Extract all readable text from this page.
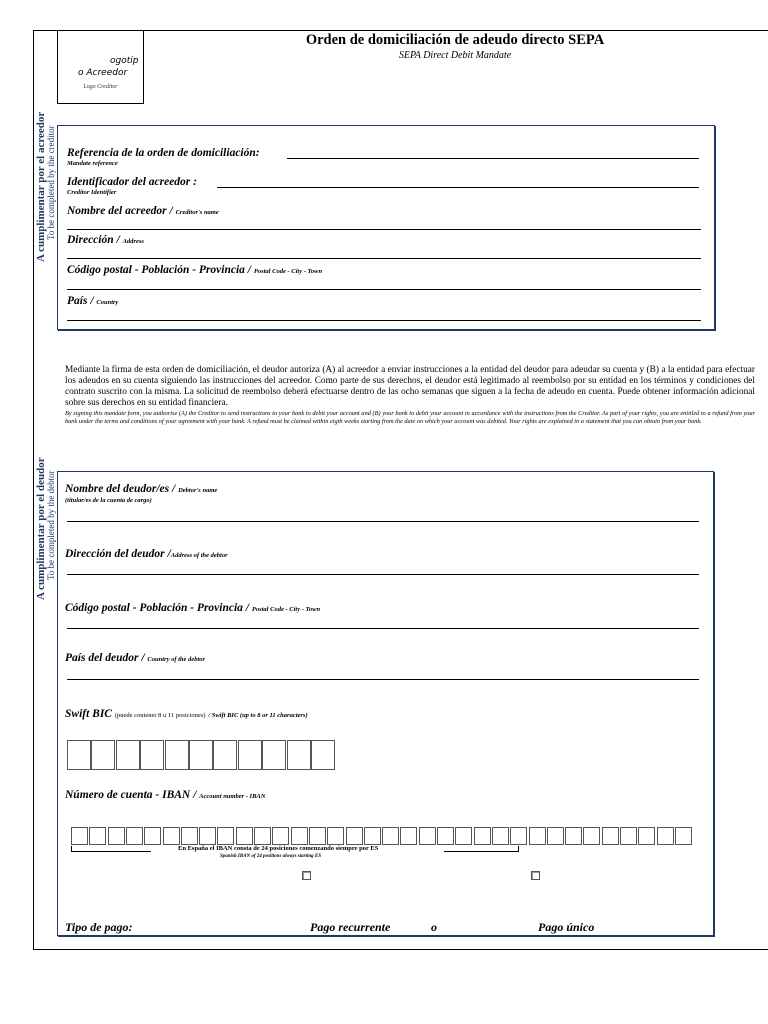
ogotip
o Acreedor
Logo Creditor
Orden de domiciliación de adeudo directo SEPA
SEPA Direct Debit Mandate
A cumplimentar por el acreedor To be completed by the creditor Referencia de la orden de domiciliación:
Mandate reference
Identificador del acreedor :
Creditor Identifier
Nombre del acreedor / Creditor's name
Dirección / Address
Código postal - Población - Provincia / Postal Code - City - Town
País / Country
Mediante la firma de esta orden de domiciliación, el deudor autoriza (A) al acreedor a enviar instrucciones a la entidad del deudor para adeudar su cuenta y (B) a la entidad para efectuar los adeudos en su cuenta siguiendo las instrucciones del acreedor. Como parte de sus derechos, el deudor está legitimado al reembolso por su entidad en los términos y condiciones del contrato suscrito con la misma. La solicitud de reembolso deberá efectuarse dentro de las ocho semanas que siguen a la fecha de adeudo en cuenta. Puede obtener información adicional sobre sus derechos en su entidad financiera.
By signing this mandate form, you authorise (A) the Creditor to send instructions to your bank to debit your account and (B) your bank to debit your account in accordance with the instructions from the Creditor. As part of your rights, you are entitled to a refund from your bank under the terms and conditions of your agreement with your bank. A refund must be claimed within eigth weeks starting from the date on which your account was debited. Your rights are explained in a statement that you can obtain from your bank.
A cumplimentar por el deudor To be completed by the debtor Nombre del deudor/es / Debtor's name
(titular/es de la cuenta de cargo)
Dirección del deudor /Address of the debtor
Código postal - Población - Provincia / Postal Code - City - Town
País del deudor / Country of the debtor
Swift BIC (puede contener 8 u 11 posiciones) / Swift BIC (up to 8 or 11 characters)
Número de cuenta - IBAN / Account number - IBAN
En España el IBAN consta de 24 posiciones comenzando siempre por ES
Spanish IBAN of 24 positions always starting ES
Tipo de pago:	Pago recurrente	o	Pago único
